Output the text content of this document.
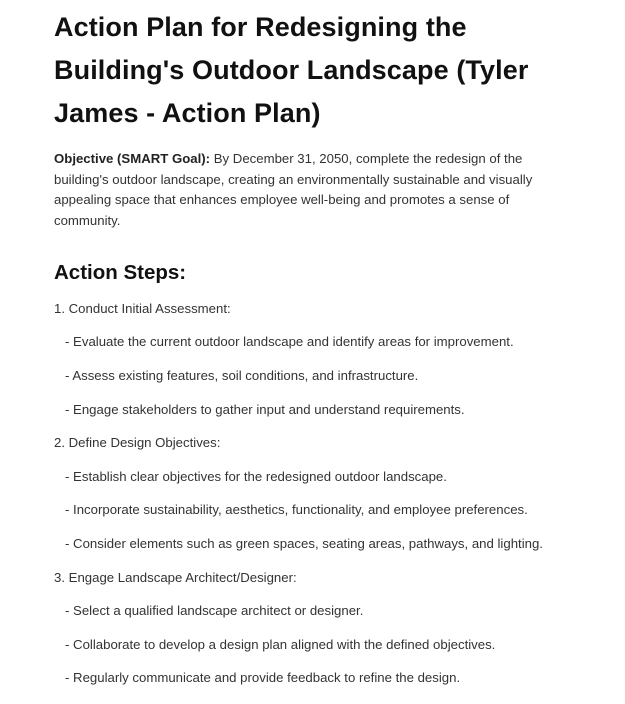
Action Plan for Redesigning the Building's Outdoor Landscape (Tyler James - Action Plan)

Objective (SMART Goal): By December 31, 2050, complete the redesign of the building's outdoor landscape, creating an environmentally sustainable and visually appealing space that enhances employee well-being and promotes a sense of community.

Action Steps:
1. Conduct Initial Assessment:
- Evaluate the current outdoor landscape and identify areas for improvement.
- Assess existing features, soil conditions, and infrastructure.
- Engage stakeholders to gather input and understand requirements.
2. Define Design Objectives:
- Establish clear objectives for the redesigned outdoor landscape.
- Incorporate sustainability, aesthetics, functionality, and employee preferences.
- Consider elements such as green spaces, seating areas, pathways, and lighting.
3. Engage Landscape Architect/Designer:
- Select a qualified landscape architect or designer.
- Collaborate to develop a design plan aligned with the defined objectives.
- Regularly communicate and provide feedback to refine the design.
